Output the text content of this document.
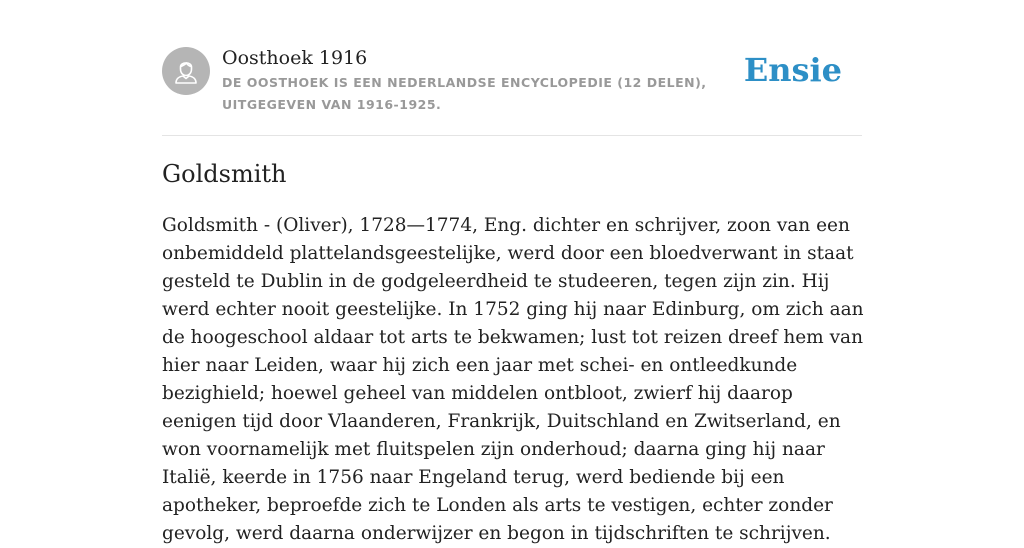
Oosthoek 1916
DE OOSTHOEK IS EEN NEDERLANDSE ENCYCLOPEDIE (12 DELEN), UITGEGEVEN VAN 1916-1925.
Ensie
Goldsmith

Goldsmith - (Oliver), 1728—1774, Eng. dichter en schrijver, zoon van een onbemiddeld plattelandsgeestelijke, werd door een bloedverwant in staat gesteld te Dublin in de godgeleerdheid te studeeren, tegen zijn zin. Hij werd echter nooit geestelijke. In 1752 ging hij naar Edinburg, om zich aan de hoogeschool aldaar tot arts te bekwamen; lust tot reizen dreef hem van hier naar Leiden, waar hij zich een jaar met schei- en ontleedkunde bezighield; hoewel geheel van middelen ontbloot, zwierf hij daarop eenigen tijd door Vlaanderen, Frankrijk, Duitschland en Zwitserland, en won voornamelijk met fluitspelen zijn onderhoud; daarna ging hij naar Italië, keerde in 1756 naar Engeland terug, werd bediende bij een apotheker, beproefde zich te Londen als arts te vestigen, echter zonder gevolg, werd daarna onderwijzer en begon in tijdschriften te schrijven.
